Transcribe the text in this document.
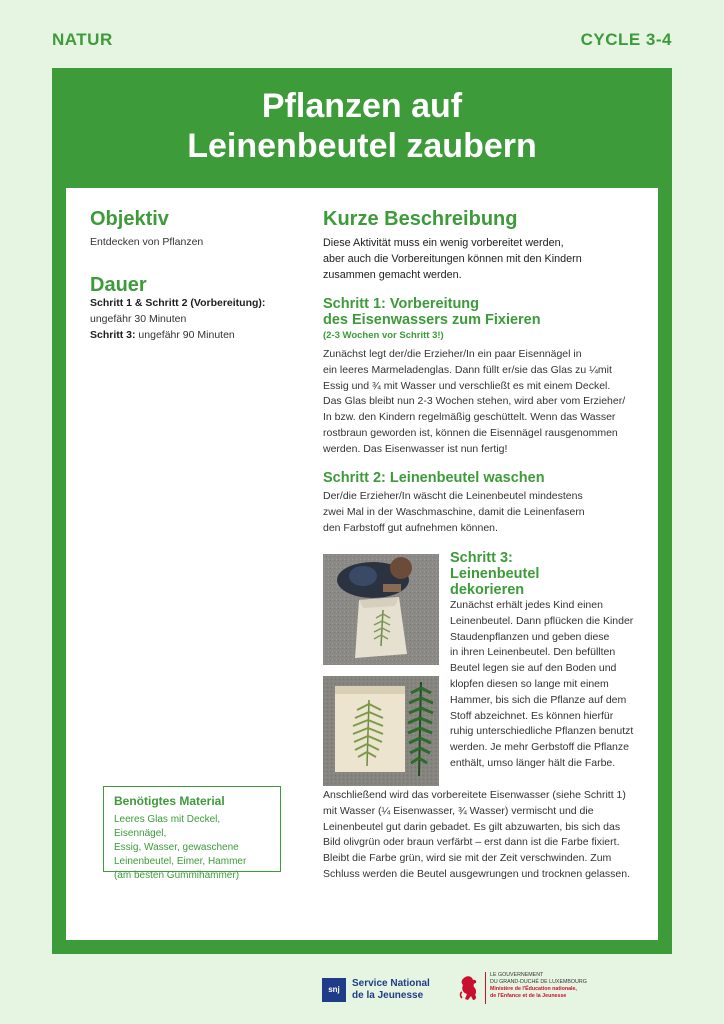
NATUR	CYCLE 3-4
Pflanzen auf
Leinenbeutel zaubern
Objektiv
Entdecken von Pflanzen
Dauer
Schritt 1 & Schritt 2 (Vorbereitung):
ungefähr 30 Minuten
Schritt 3: ungefähr 90 Minuten
Benötigtes Material
Leeres Glas mit Deckel, Eisennägel,
Essig, Wasser, gewaschene
Leinenbeutel, Eimer, Hammer
(am besten Gummihammer)
Kurze Beschreibung
Diese Aktivität muss ein wenig vorbereitet werden,
aber auch die Vorbereitungen können mit den Kindern
zusammen gemacht werden.
Schritt 1: Vorbereitung
des Eisenwassers zum Fixieren
(2-3 Wochen vor Schritt 3!)
Zunächst legt der/die Erzieher/In ein paar Eisennägel in
ein leeres Marmeladenglas. Dann füllt er/sie das Glas zu ¼mit
Essig und ¾ mit Wasser und verschließt es mit einem Deckel.
Das Glas bleibt nun 2-3 Wochen stehen, wird aber vom Erzieher/
In bzw. den Kindern regelmäßig geschüttelt. Wenn das Wasser
rostbraun geworden ist, können die Eisennägel rausgenommen
werden. Das Eisenwasser ist nun fertig!
Schritt 2: Leinenbeutel waschen
Der/die Erzieher/In wäscht die Leinenbeutel mindestens
zwei Mal in der Waschmaschine, damit die Leinenfasern
den Farbstoff gut aufnehmen können.
Schritt 3:
Leinenbeutel
dekorieren
Zunächst erhält jedes Kind einen
Leinenbeutel. Dann pflücken die Kinder
Staudenpflanzen und geben diese
in ihren Leinenbeutel. Den befüllten
Beutel legen sie auf den Boden und
klopfen diesen so lange mit einem
Hammer, bis sich die Pflanze auf dem
Stoff abzeichnet. Es können hierfür
ruhig unterschiedliche Pflanzen benutzt
werden. Je mehr Gerbstoff die Pflanze
enthält, umso länger hält die Farbe.
Anschließend wird das vorbereitete Eisenwasser (siehe Schritt 1)
mit Wasser (¼ Eisenwasser, ¾ Wasser) vermischt und die
Leinenbeutel gut darin gebadet. Es gilt abzuwarten, bis sich das
Bild olivgrün oder braun verfärbt – erst dann ist die Farbe fixiert.
Bleibt die Farbe grün, wird sie mit der Zeit verschwinden. Zum
Schluss werden die Beutel ausgewrungen und trocknen gelassen.
snj
Service National
de la Jeunesse
LE GOUVERNEMENT
DU GRAND-DUCHÉ DE LUXEMBOURG
Ministère de l'Éducation nationale,
de l'Enfance et de la Jeunesse
